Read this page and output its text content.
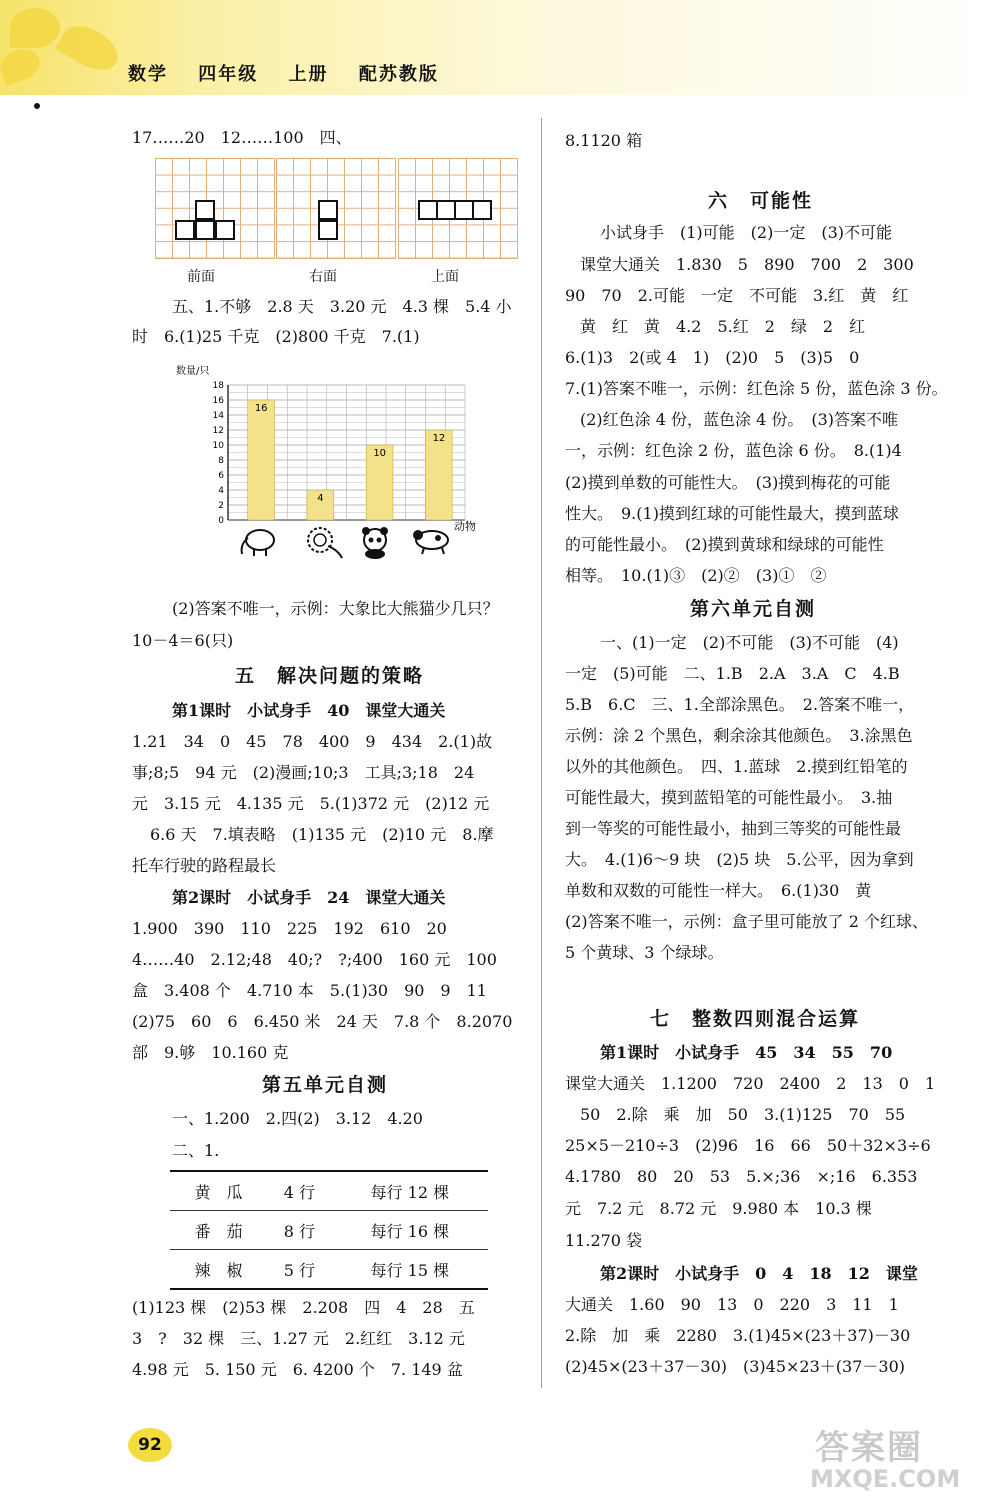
数学 四年级 上册 配苏教版
17……20　12……100　四、
前面	右面	上面
五、1.不够　2.8 天　3.20 元　4.3 棵　5.4 小
时　6.(1)25 千克　(2)800 千克　7.(1)
数量/只
动物
16
4
10
12
0
2
4
6
8
10
12
14
16
18
(2)答案不唯一，示例：大象比大熊猫少几只？
10－4＝6(只)
五　解决问题的策略
第1课时　小试身手　40　课堂大通关
1.21　34　0　45　78　400　9　434　2.(1)故
事;8;5　94 元　(2)漫画;10;3　工具;3;18　24
元　3.15 元　4.135 元　5.(1)372 元　(2)12 元
6.6 天　7.填表略　(1)135 元　(2)10 元　8.摩
托车行驶的路程最长
第2课时　小试身手　24　课堂大通关
1.900　390　110　225　192　610　20
4……40　2.12;48　40;?　?;400　160 元　100
盒　3.408 个　4.710 本　5.(1)30　90　9　11
(2)75　60　6　6.450 米　24 天　7.8 个　8.2070
部　9.够　10.160 克
第五单元自测
一、1.200　2.四(2)　3.12　4.20
二、1.
黄　瓜	4 行	每行 12 棵
番　茄	8 行	每行 16 棵
辣　椒	5 行	每行 15 棵
(1)123 棵　(2)53 棵　2.208　四　4　28　五
3　?　32 棵　三、1.27 元　2.红红　3.12 元
4.98 元　5. 150 元　6. 4200 个　7. 149 盆
8.1120 箱
六　可能性
小试身手　(1)可能　(2)一定　(3)不可能
课堂大通关　1.830　5　890　700　2　300
90　70　2.可能　一定　不可能　3.红　黄　红
黄　红　黄　4.2　5.红　2　绿　2　红
6.(1)3　2(或 4　1)　(2)0　5　(3)5　0
7.(1)答案不唯一，示例：红色涂 5 份，蓝色涂 3 份。
(2)红色涂 4 份，蓝色涂 4 份。　(3)答案不唯
一，示例：红色涂 2 份，蓝色涂 6 份。　8.(1)4
(2)摸到单数的可能性大。　(3)摸到梅花的可能
性大。　9.(1)摸到红球的可能性最大，摸到蓝球
的可能性最小。　(2)摸到黄球和绿球的可能性
相等。　10.(1)③　(2)②　(3)①　②
第六单元自测
一、(1)一定　(2)不可能　(3)不可能　(4)
一定　(5)可能　二、1.B　2.A　3.A　C　4.B
5.B　6.C　三、1.全部涂黑色。　2.答案不唯一，
示例：涂 2 个黑色，剩余涂其他颜色。　3.涂黑色
以外的其他颜色。　四、1.蓝球　2.摸到红铅笔的
可能性最大，摸到蓝铅笔的可能性最小。　3.抽
到一等奖的可能性最小，抽到三等奖的可能性最
大。　4.(1)6～9 块　(2)5 块　5.公平，因为拿到
单数和双数的可能性一样大。　6.(1)30　黄
(2)答案不唯一，示例：盒子里可能放了 2 个红球、
5 个黄球、3 个绿球。
七　整数四则混合运算
第1课时　小试身手　45　34　55　70
课堂大通关　1.1200　720　2400　2　13　0　1
50　2.除　乘　加　50　3.(1)125　70　55
25×5－210÷3　(2)96　16　66　50＋32×3÷6
4.1780　80　20　53　5.×;36　×;16　6.353
元　7.2 元　8.72 元　9.980 本　10.3 棵
11.270 袋
第2课时　小试身手　0　4　18　12　课堂
大通关　1.60　90　13　0　220　3　11　1
2.除　加　乘　2280　3.(1)45×(23＋37)－30
(2)45×(23＋37－30)　(3)45×23＋(37－30)
92	答案圈
MXQE.COM
